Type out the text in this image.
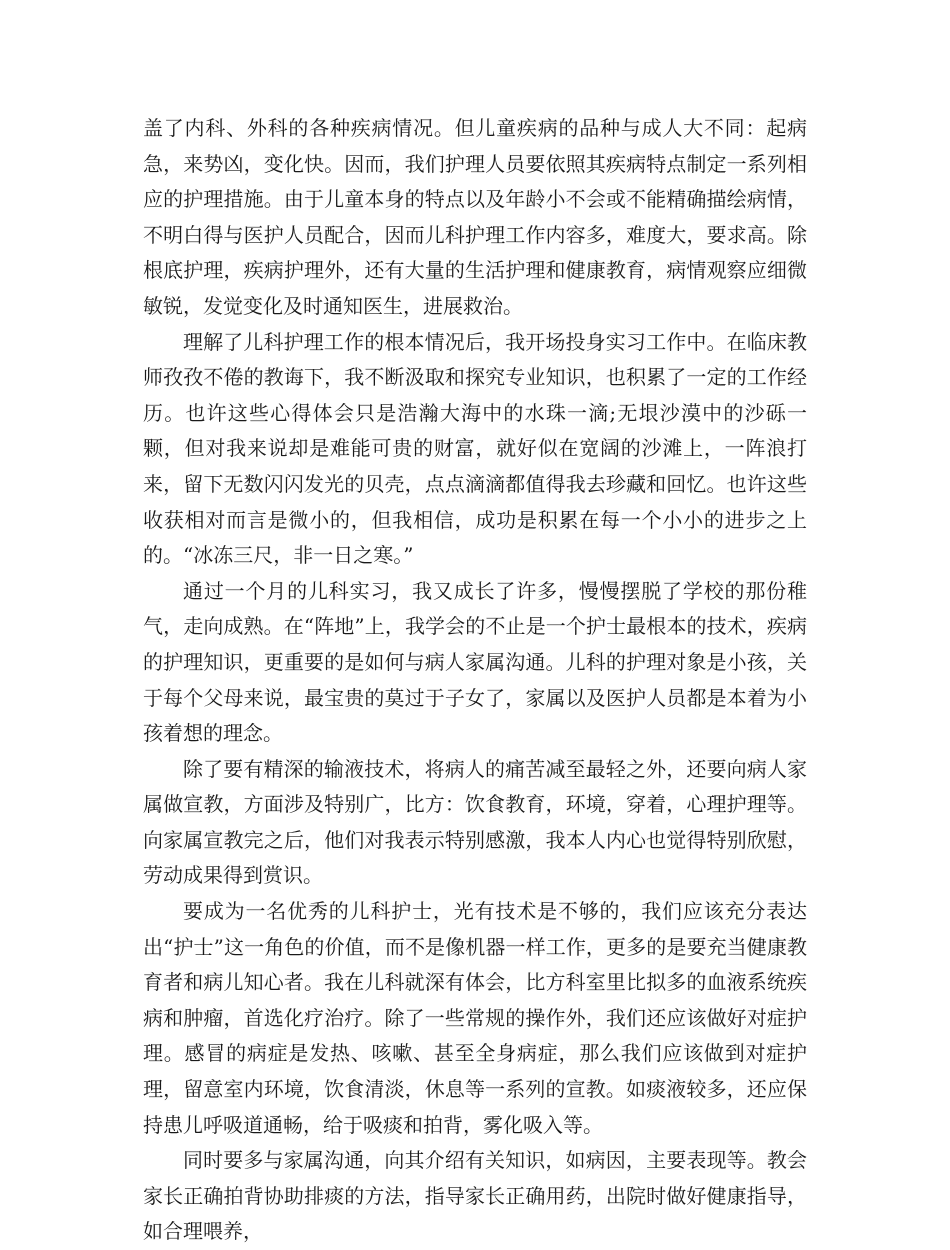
盖了内科、外科的各种疾病情况。但儿童疾病的品种与成人大不同：起病急，来势凶，变化快。因而，我们护理人员要依照其疾病特点制定一系列相应的护理措施。由于儿童本身的特点以及年龄小不会或不能精确描绘病情，不明白得与医护人员配合，因而儿科护理工作内容多，难度大，要求高。除根底护理，疾病护理外，还有大量的生活护理和健康教育，病情观察应细微敏锐，发觉变化及时通知医生，进展救治。

理解了儿科护理工作的根本情况后，我开场投身实习工作中。在临床教师孜孜不倦的教诲下，我不断汲取和探究专业知识，也积累了一定的工作经历。也许这些心得体会只是浩瀚大海中的水珠一滴;无垠沙漠中的沙砾一颗，但对我来说却是难能可贵的财富，就好似在宽阔的沙滩上，一阵浪打来，留下无数闪闪发光的贝壳，点点滴滴都值得我去珍藏和回忆。也许这些收获相对而言是微小的，但我相信，成功是积累在每一个小小的进步之上的。“冰冻三尺，非一日之寒。”

通过一个月的儿科实习，我又成长了许多，慢慢摆脱了学校的那份稚气，走向成熟。在“阵地”上，我学会的不止是一个护士最根本的技术，疾病的护理知识，更重要的是如何与病人家属沟通。儿科的护理对象是小孩，关于每个父母来说，最宝贵的莫过于子女了，家属以及医护人员都是本着为小孩着想的理念。

除了要有精深的输液技术，将病人的痛苦减至最轻之外，还要向病人家属做宣教，方面涉及特别广，比方：饮食教育，环境，穿着，心理护理等。向家属宣教完之后，他们对我表示特别感激，我本人内心也觉得特别欣慰，劳动成果得到赏识。

要成为一名优秀的儿科护士，光有技术是不够的，我们应该充分表达出“护士”这一角色的价值，而不是像机器一样工作，更多的是要充当健康教育者和病儿知心者。我在儿科就深有体会，比方科室里比拟多的血液系统疾病和肿瘤，首选化疗治疗。除了一些常规的操作外，我们还应该做好对症护理。感冒的病症是发热、咳嗽、甚至全身病症，那么我们应该做到对症护理，留意室内环境，饮食清淡，休息等一系列的宣教。如痰液较多，还应保持患儿呼吸道通畅，给于吸痰和拍背，雾化吸入等。

同时要多与家属沟通，向其介绍有关知识，如病因，主要表现等。教会家长正确拍背协助排痰的方法，指导家长正确用药，出院时做好健康指导，如合理喂养，
